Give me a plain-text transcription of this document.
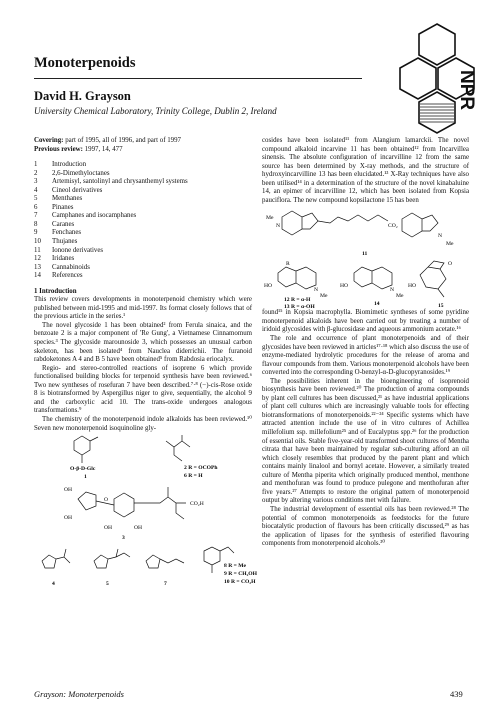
Monoterpenoids
David H. Grayson
University Chemical Laboratory, Trinity College, Dublin 2, Ireland
NPR
Covering: part of 1995, all of 1996, and part of 1997
Previous review: 1997, 14, 477
1	Introduction
2	2,6-Dimethyloctanes
3	Artemisyl, santolinyl and chrysanthemyl systems
4	Cineol derivatives
5	Menthanes
6	Pinanes
7	Camphanes and isocamphanes
8	Caranes
9	Fenchanes
10	Thujanes
11	Ionone derivatives
12	Iridanes
13	Cannabinoids
14	References
1 Introduction

This review covers developments in monoterpenoid chemistry which were published between mid-1995 and mid-1997. Its format closely follows that of the previous article in the series.¹

The novel glycoside 1 has been obtained² from Ferula sinaica, and the benzoate 2 is a major component of 'Re Gung', a Vietnamese Cinnamomum species.³ The glycoside marounoside 3, which possesses an unusual carbon skeleton, has been isolated⁴ from Nauclea diderrichii. The furanoid rabdoketones A 4 and B 5 have been obtained⁵ from Rabdosia eriocalyx.

Regio- and stereo-controlled reactions of isoprene 6 which provide functionalised building blocks for terpenoid synthesis have been reviewed.⁶ Two new syntheses of rosefuran 7 have been described.⁷·⁸ (−)-cis-Rose oxide 8 is biotransformed by Aspergillus niger to give, sequentially, the alcohol 9 and the carboxylic acid 10. The trans-oxide undergoes analogous transformations.⁹

The chemistry of the monoterpenoid indole alkaloids has been reviewed.¹⁰ Seven new monoterpenoid isoquinoline gly-

O-β-D-Glc
1
2 R = OCOPh
6 R = H
OH
OH
OH	OH
O
CO₂H
3
4	5	7
8 R = Me
9 R = CH₂OH
10 R = CO₂H

cosides have been isolated¹¹ from Alangium lamarckii. The novel compound alkaloid incarvine 11 has been obtained¹² from Incarvillea sinensis. The absolute configuration of incarvilline 12 from the same source has been determined by X-ray methods, and the structure of hydroxyincarvilline 13 has been elucidated.¹³ X-Ray techniques have also been utilised¹⁴ in a determination of the structure of the novel kinabaluine 14, an epimer of incarvilline 12, which has been isolated from Kopsia pauciflora. The new compound kopsilactone 15 has been

Me
N	CO₂
N
Me
11
R
HO
N
Me
12 R = α-H
13 R = α-OH
HO
N
Me
14
HO
O
15

found¹⁵ in Kopsia macrophylla. Biomimetic syntheses of some pyridine monoterpenoid alkaloids have been carried out by treating a number of iridoid glycosides with β-glucosidase and aqueous ammonium acetate.¹⁶

The role and occurrence of plant monoterpenoids and of their glycosides have been reviewed in articles¹⁷·¹⁸ which also discuss the use of enzyme-mediated hydrolytic procedures for the release of aroma and flavour compounds from them. Various monoterpenoid alcohols have been converted into the corresponding O-benzyl-α-D-glucopyranosides.¹⁹

The possibilities inherent in the bioengineering of isoprenoid biosynthesis have been reviewed.²⁰ The production of aroma compounds by plant cell cultures has been discussed,²¹ as have industrial applications of plant cell cultures which are increasingly valuable tools for effecting biotransformations of monoterpenoids.²²⁻²⁴ Specific systems which have attracted attention include the use of in vitro cultures of Achillea millefolium ssp. millefolium²⁵ and of Eucalyptus spp.²⁶ for the production of essential oils. Stable five-year-old transformed shoot cultures of Mentha citrata that have been maintained by regular sub-culturing afford an oil which closely resembles that produced by the parent plant and which contains mainly linalool and bornyl acetate. However, a similarly treated culture of Mentha piperita which originally produced menthol, menthone and menthofuran was found to produce pulegone and menthofuran after five years.²⁷ Attempts to restore the original pattern of monoterpenoid output by altering various conditions met with failure.

The industrial development of essential oils has been reviewed.²⁸ The potential of common monoterpenoids as feedstocks for the future biocatalytic production of flavours has been critically discussed,²⁹ as has the application of lipases for the synthesis of esterified flavouring components from monoterpenoid alcohols.³⁰

Grayson: Monoterpenoids	439
